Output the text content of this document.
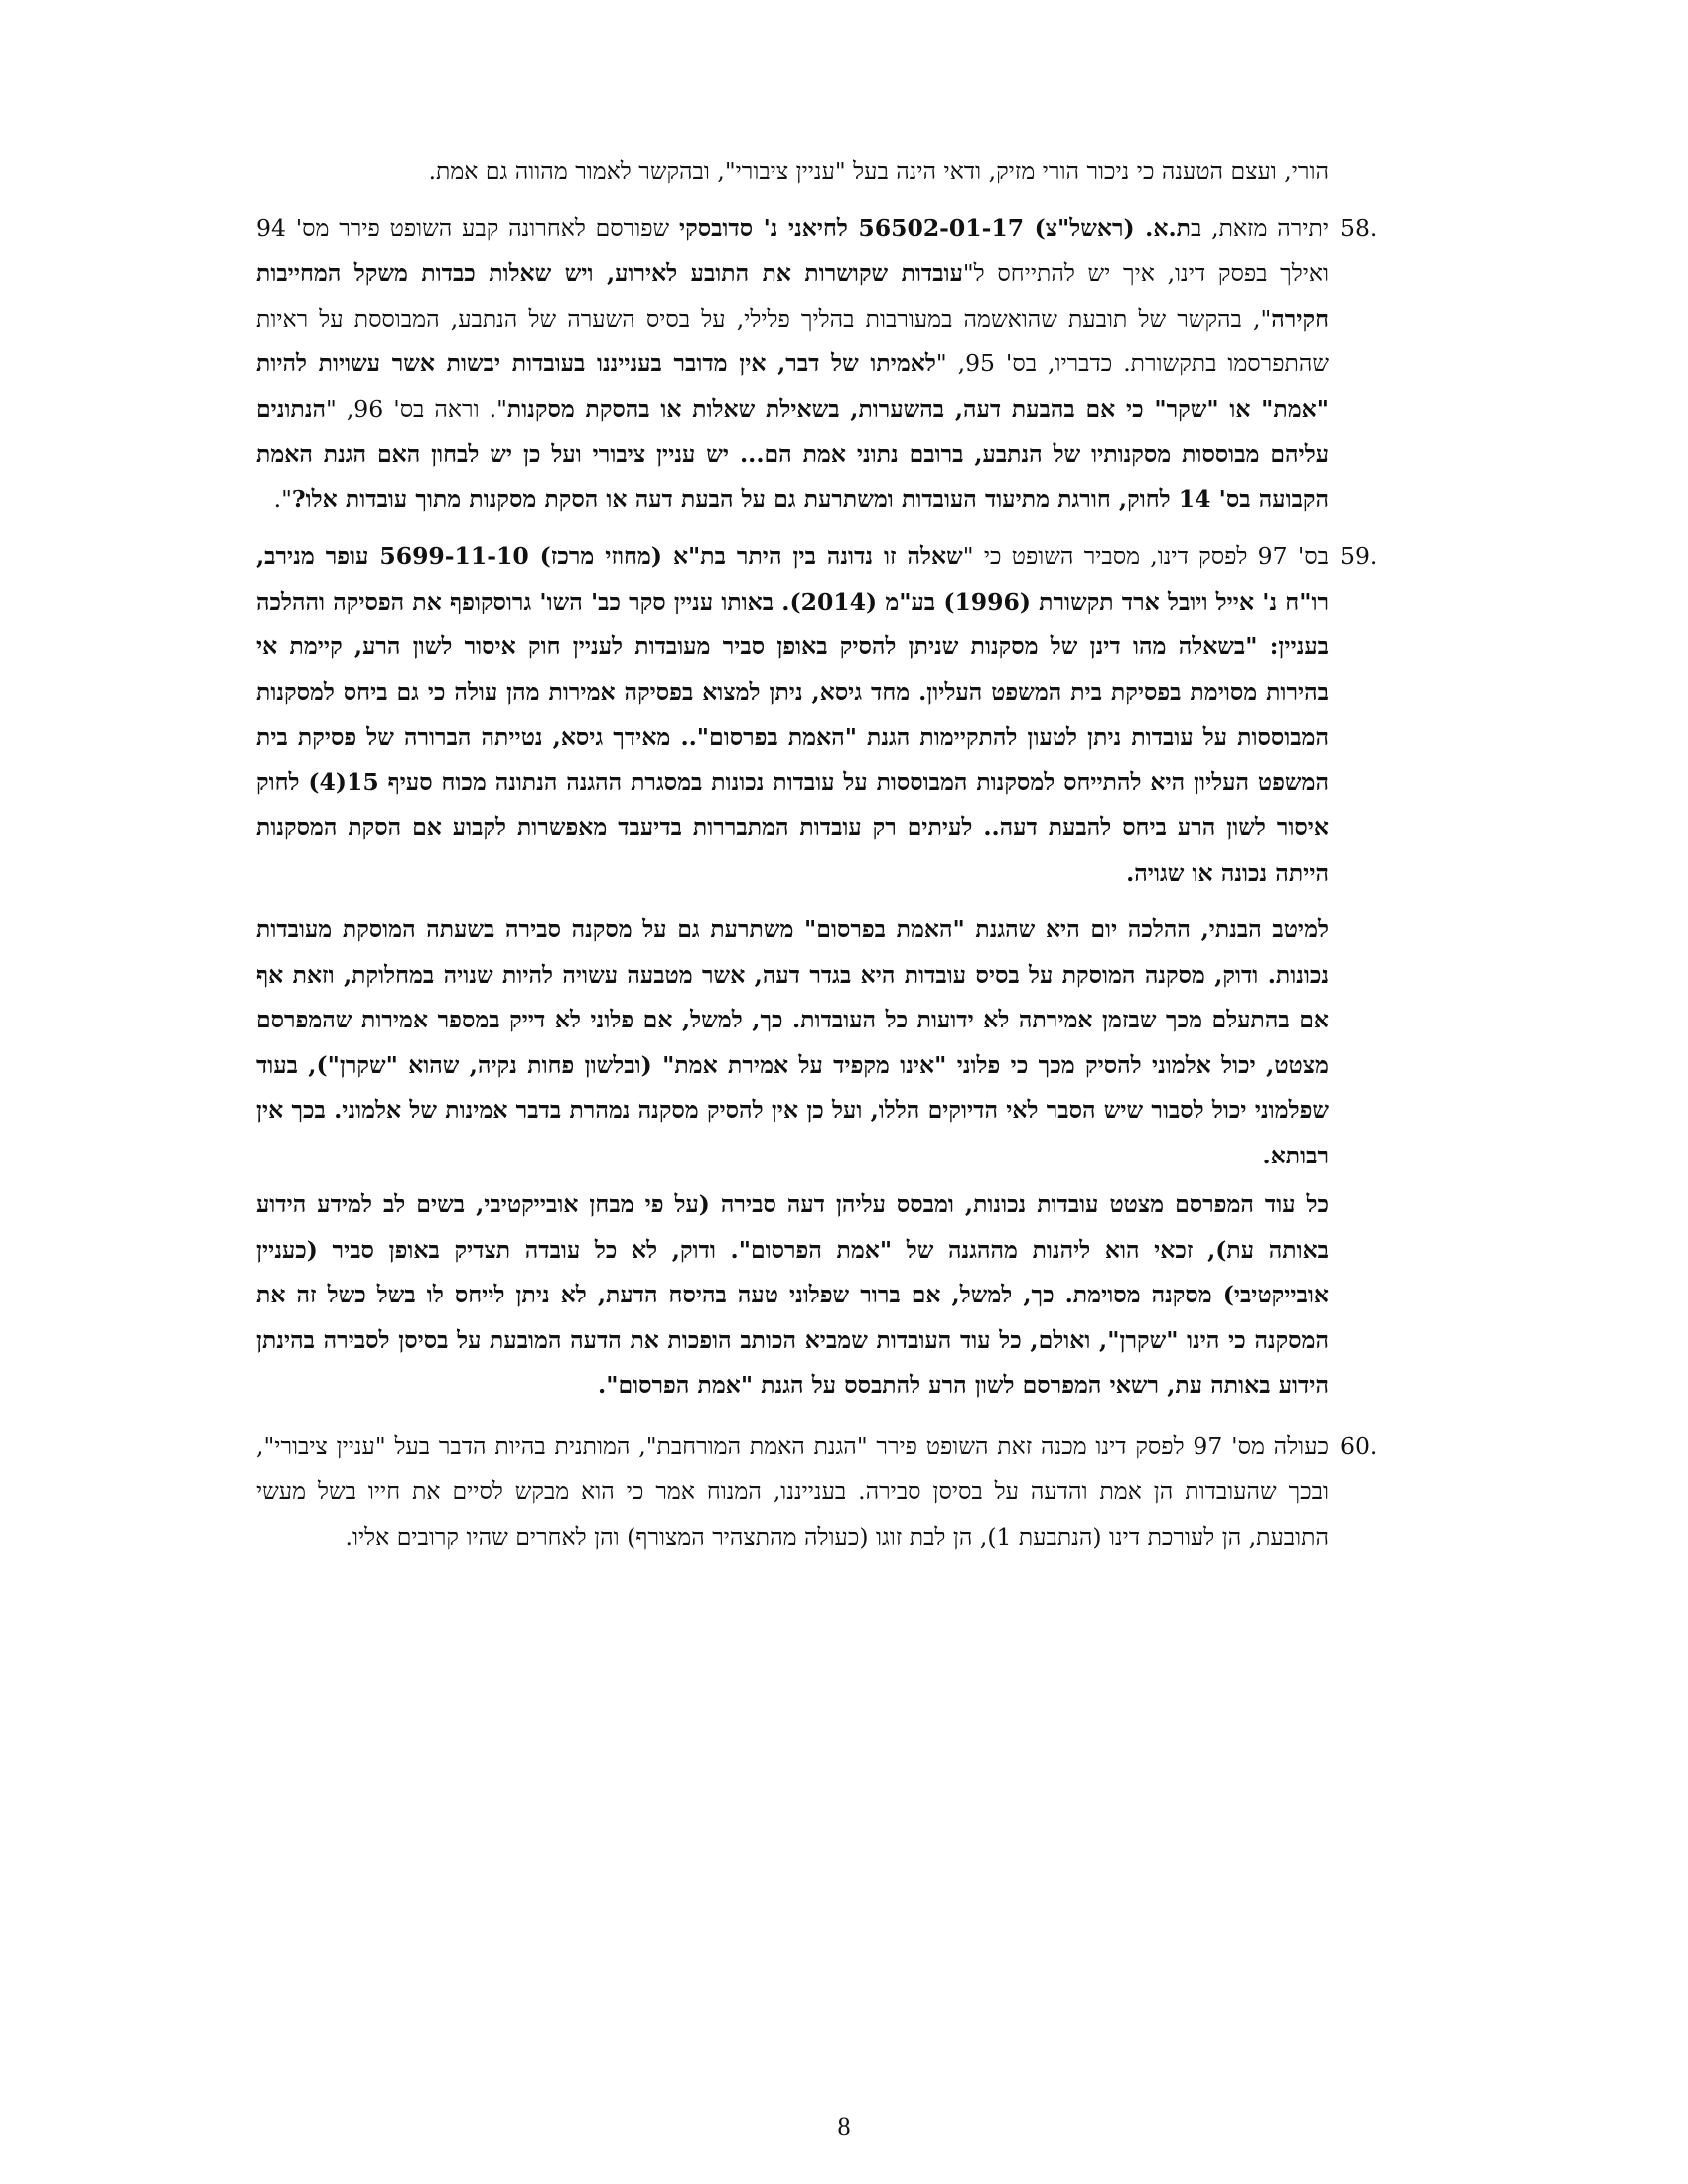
הורי, ועצם הטענה כי ניכור הורי מזיק, ודאי הינה בעל "עניין ציבורי", ובהקשר לאמור מהווה גם אמת.

58.

יתירה מזאת, בת.א. (ראשל"צ) 56502-01-17 לחיאני נ' סדובסקי שפורסם לאחרונה קבע השופט פירר מס' 94 ואילך בפסק דינו, איך יש להתייחס ל"עובדות שקושרות את התובע לאירוע, ויש שאלות כבדות משקל המחייבות חקירה", בהקשר של תובעת שהואשמה במעורבות בהליך פלילי, על בסיס השערה של הנתבע, המבוססת על ראיות שהתפרסמו בתקשורת. כדבריו, בס' 95, "לאמיתו של דבר, אין מדובר בענייננו בעובדות יבשות אשר עשויות להיות "אמת" או "שקר" כי אם בהבעת דעה, בהשערות, בשאילת שאלות או בהסקת מסקנות". וראה בס' 96, "הנתונים עליהם מבוססות מסקנותיו של הנתבע, ברובם נתוני אמת הם... יש עניין ציבורי ועל כן יש לבחון האם הגנת האמת הקבועה בס' 14 לחוק, חורגת מתיעוד העובדות ומשתרעת גם על הבעת דעה או הסקת מסקנות מתוך עובדות אלו?".

59.

בס' 97 לפסק דינו, מסביר השופט כי "שאלה זו נדונה בין היתר בת"א (מחוזי מרכז) 5699-11-10 עופר מנירב, רו"ח נ' אייל ויובל ארד תקשורת (1996) בע"מ (2014). באותו עניין סקר כב' השו' גרוסקופף את הפסיקה וההלכה בעניין: "בשאלה מהו דינן של מסקנות שניתן להסיק באופן סביר מעובדות לעניין חוק איסור לשון הרע, קיימת אי בהירות מסוימת בפסיקת בית המשפט העליון. מחד גיסא, ניתן למצוא בפסיקה אמירות מהן עולה כי גם ביחס למסקנות המבוססות על עובדות ניתן לטעון להתקיימות הגנת "האמת בפרסום".. מאידך גיסא, נטייתה הברורה של פסיקת בית המשפט העליון היא להתייחס למסקנות המבוססות על עובדות נכונות במסגרת ההגנה הנתונה מכוח סעיף 15(4) לחוק איסור לשון הרע ביחס להבעת דעה.. לעיתים רק עובדות המתבררות בדיעבד מאפשרות לקבוע אם הסקת המסקנות הייתה נכונה או שגויה.

למיטב הבנתי, ההלכה יום היא שהגנת "האמת בפרסום" משתרעת גם על מסקנה סבירה בשעתה המוסקת מעובדות נכונות. ודוק, מסקנה המוסקת על בסיס עובדות היא בגדר דעה, אשר מטבעה עשויה להיות שנויה במחלוקת, וזאת אף אם בהתעלם מכך שבזמן אמירתה לא ידועות כל העובדות. כך, למשל, אם פלוני לא דייק במספר אמירות שהמפרסם מצטט, יכול אלמוני להסיק מכך כי פלוני "אינו מקפיד על אמירת אמת" (ובלשון פחות נקיה, שהוא "שקרן"), בעוד שפלמוני יכול לסבור שיש הסבר לאי הדיוקים הללו, ועל כן אין להסיק מסקנה נמהרת בדבר אמינות של אלמוני. בכך אין רבותא.

כל עוד המפרסם מצטט עובדות נכונות, ומבסס עליהן דעה סבירה (על פי מבחן אובייקטיבי, בשים לב למידע הידוע באותה עת), זכאי הוא ליהנות מההגנה של "אמת הפרסום". ודוק, לא כל עובדה תצדיק באופן סביר (כעניין אובייקטיבי) מסקנה מסוימת. כך, למשל, אם ברור שפלוני טעה בהיסח הדעת, לא ניתן לייחס לו בשל כשל זה את המסקנה כי הינו "שקרן", ואולם, כל עוד העובדות שמביא הכותב הופכות את הדעה המובעת על בסיסן לסבירה בהינתן הידוע באותה עת, רשאי המפרסם לשון הרע להתבסס על הגנת "אמת הפרסום".

60.

כעולה מס' 97 לפסק דינו מכנה זאת השופט פירר "הגנת האמת המורחבת", המותנית בהיות הדבר בעל "עניין ציבורי", ובכך שהעובדות הן אמת והדעה על בסיסן סבירה. בענייננו, המנוח אמר כי הוא מבקש לסיים את חייו בשל מעשי התובעת, הן לעורכת דינו (הנתבעת 1), הן לבת זוגו (כעולה מהתצהיר המצורף) והן לאחרים שהיו קרובים אליו.

8
